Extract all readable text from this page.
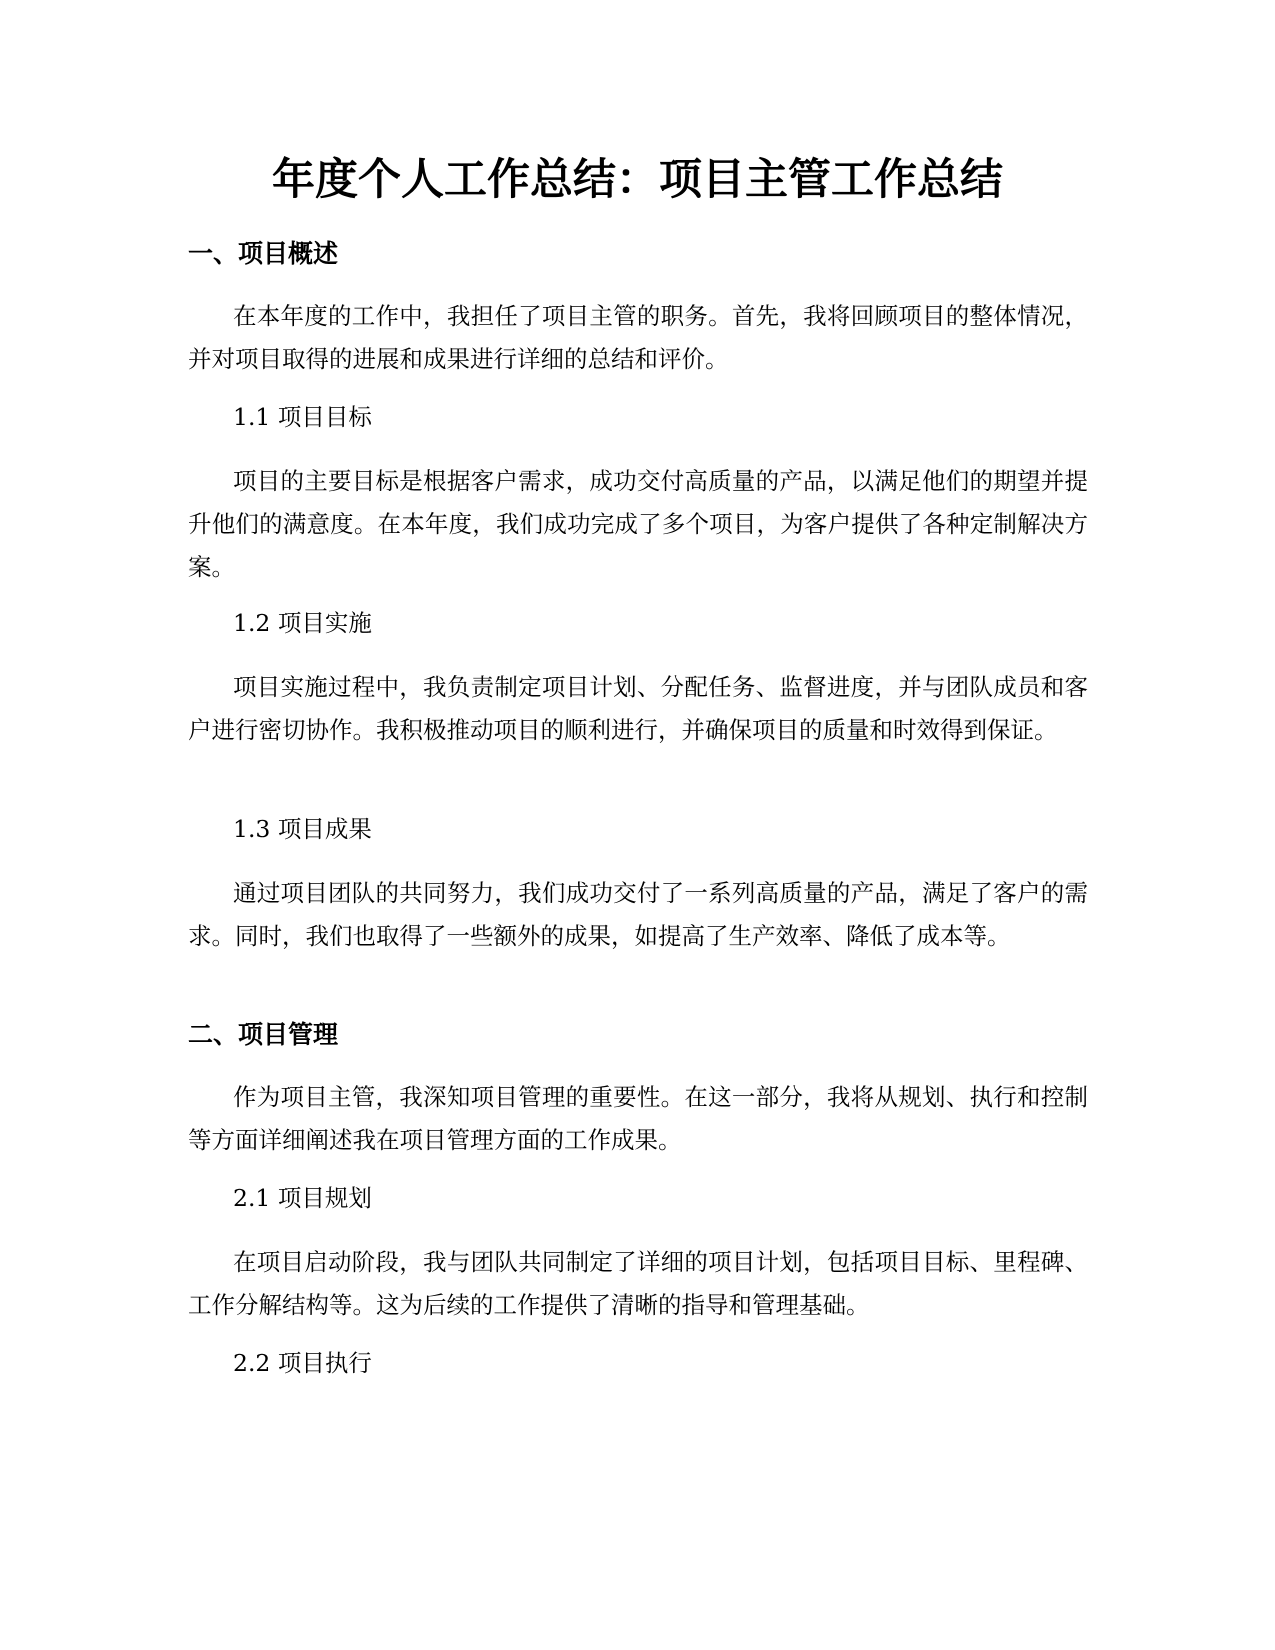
年度个人工作总结：项目主管工作总结
一、项目概述

在本年度的工作中，我担任了项目主管的职务。首先，我将回顾项目的整体情况，并对项目取得的进展和成果进行详细的总结和评价。

1.1 项目目标

项目的主要目标是根据客户需求，成功交付高质量的产品，以满足他们的期望并提升他们的满意度。在本年度，我们成功完成了多个项目，为客户提供了各种定制解决方案。

1.2 项目实施

项目实施过程中，我负责制定项目计划、分配任务、监督进度，并与团队成员和客户进行密切协作。我积极推动项目的顺利进行，并确保项目的质量和时效得到保证。

1.3 项目成果

通过项目团队的共同努力，我们成功交付了一系列高质量的产品，满足了客户的需求。同时，我们也取得了一些额外的成果，如提高了生产效率、降低了成本等。

二、项目管理

作为项目主管，我深知项目管理的重要性。在这一部分，我将从规划、执行和控制等方面详细阐述我在项目管理方面的工作成果。

2.1 项目规划

在项目启动阶段，我与团队共同制定了详细的项目计划，包括项目目标、里程碑、工作分解结构等。这为后续的工作提供了清晰的指导和管理基础。

2.2 项目执行
